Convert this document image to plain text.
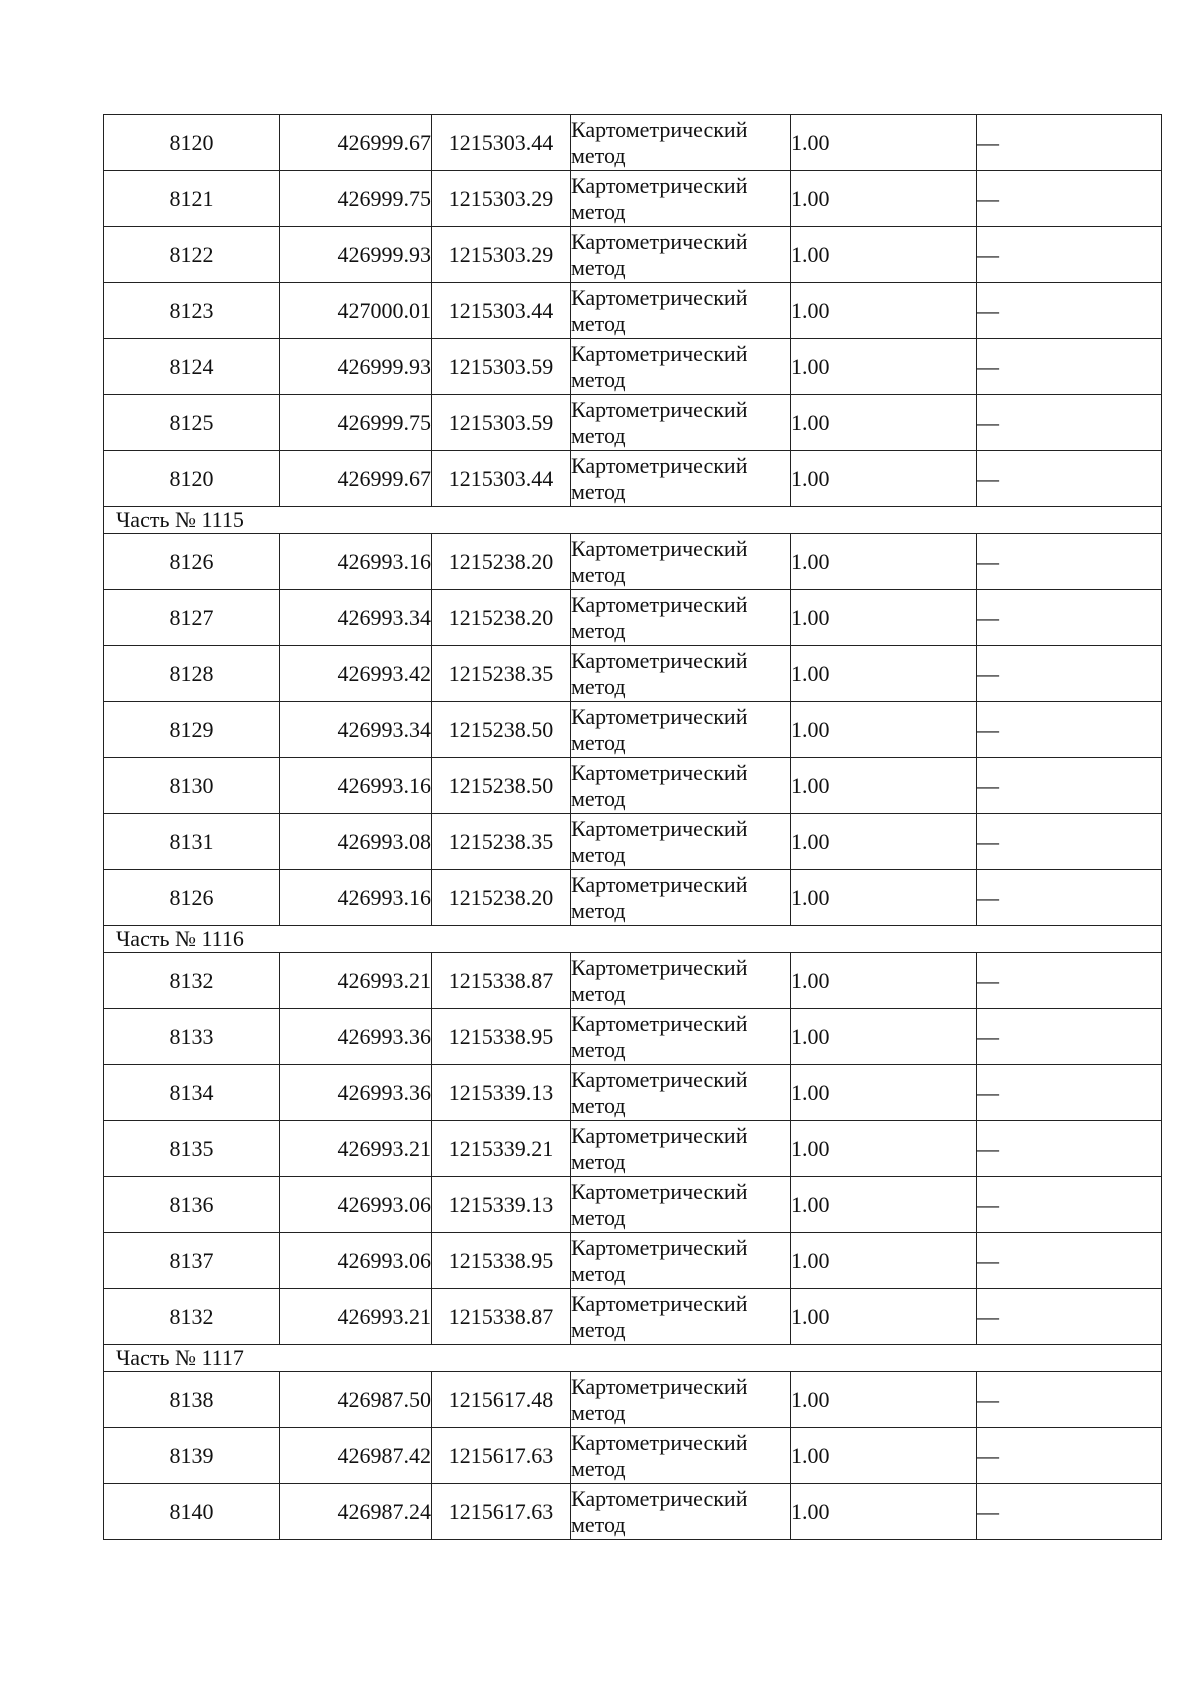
8120	426999.67	1215303.44	Картометрический
метод	1.00	—
8121	426999.75	1215303.29	Картометрический
метод	1.00	—
8122	426999.93	1215303.29	Картометрический
метод	1.00	—
8123	427000.01	1215303.44	Картометрический
метод	1.00	—
8124	426999.93	1215303.59	Картометрический
метод	1.00	—
8125	426999.75	1215303.59	Картометрический
метод	1.00	—
8120	426999.67	1215303.44	Картометрический
метод	1.00	—
Часть № 1115					
8126	426993.16	1215238.20	Картометрический
метод	1.00	—
8127	426993.34	1215238.20	Картометрический
метод	1.00	—
8128	426993.42	1215238.35	Картометрический
метод	1.00	—
8129	426993.34	1215238.50	Картометрический
метод	1.00	—
8130	426993.16	1215238.50	Картометрический
метод	1.00	—
8131	426993.08	1215238.35	Картометрический
метод	1.00	—
8126	426993.16	1215238.20	Картометрический
метод	1.00	—
Часть № 1116					
8132	426993.21	1215338.87	Картометрический
метод	1.00	—
8133	426993.36	1215338.95	Картометрический
метод	1.00	—
8134	426993.36	1215339.13	Картометрический
метод	1.00	—
8135	426993.21	1215339.21	Картометрический
метод	1.00	—
8136	426993.06	1215339.13	Картометрический
метод	1.00	—
8137	426993.06	1215338.95	Картометрический
метод	1.00	—
8132	426993.21	1215338.87	Картометрический
метод	1.00	—
Часть № 1117					
8138	426987.50	1215617.48	Картометрический
метод	1.00	—
8139	426987.42	1215617.63	Картометрический
метод	1.00	—
8140	426987.24	1215617.63	Картометрический
метод	1.00	—
